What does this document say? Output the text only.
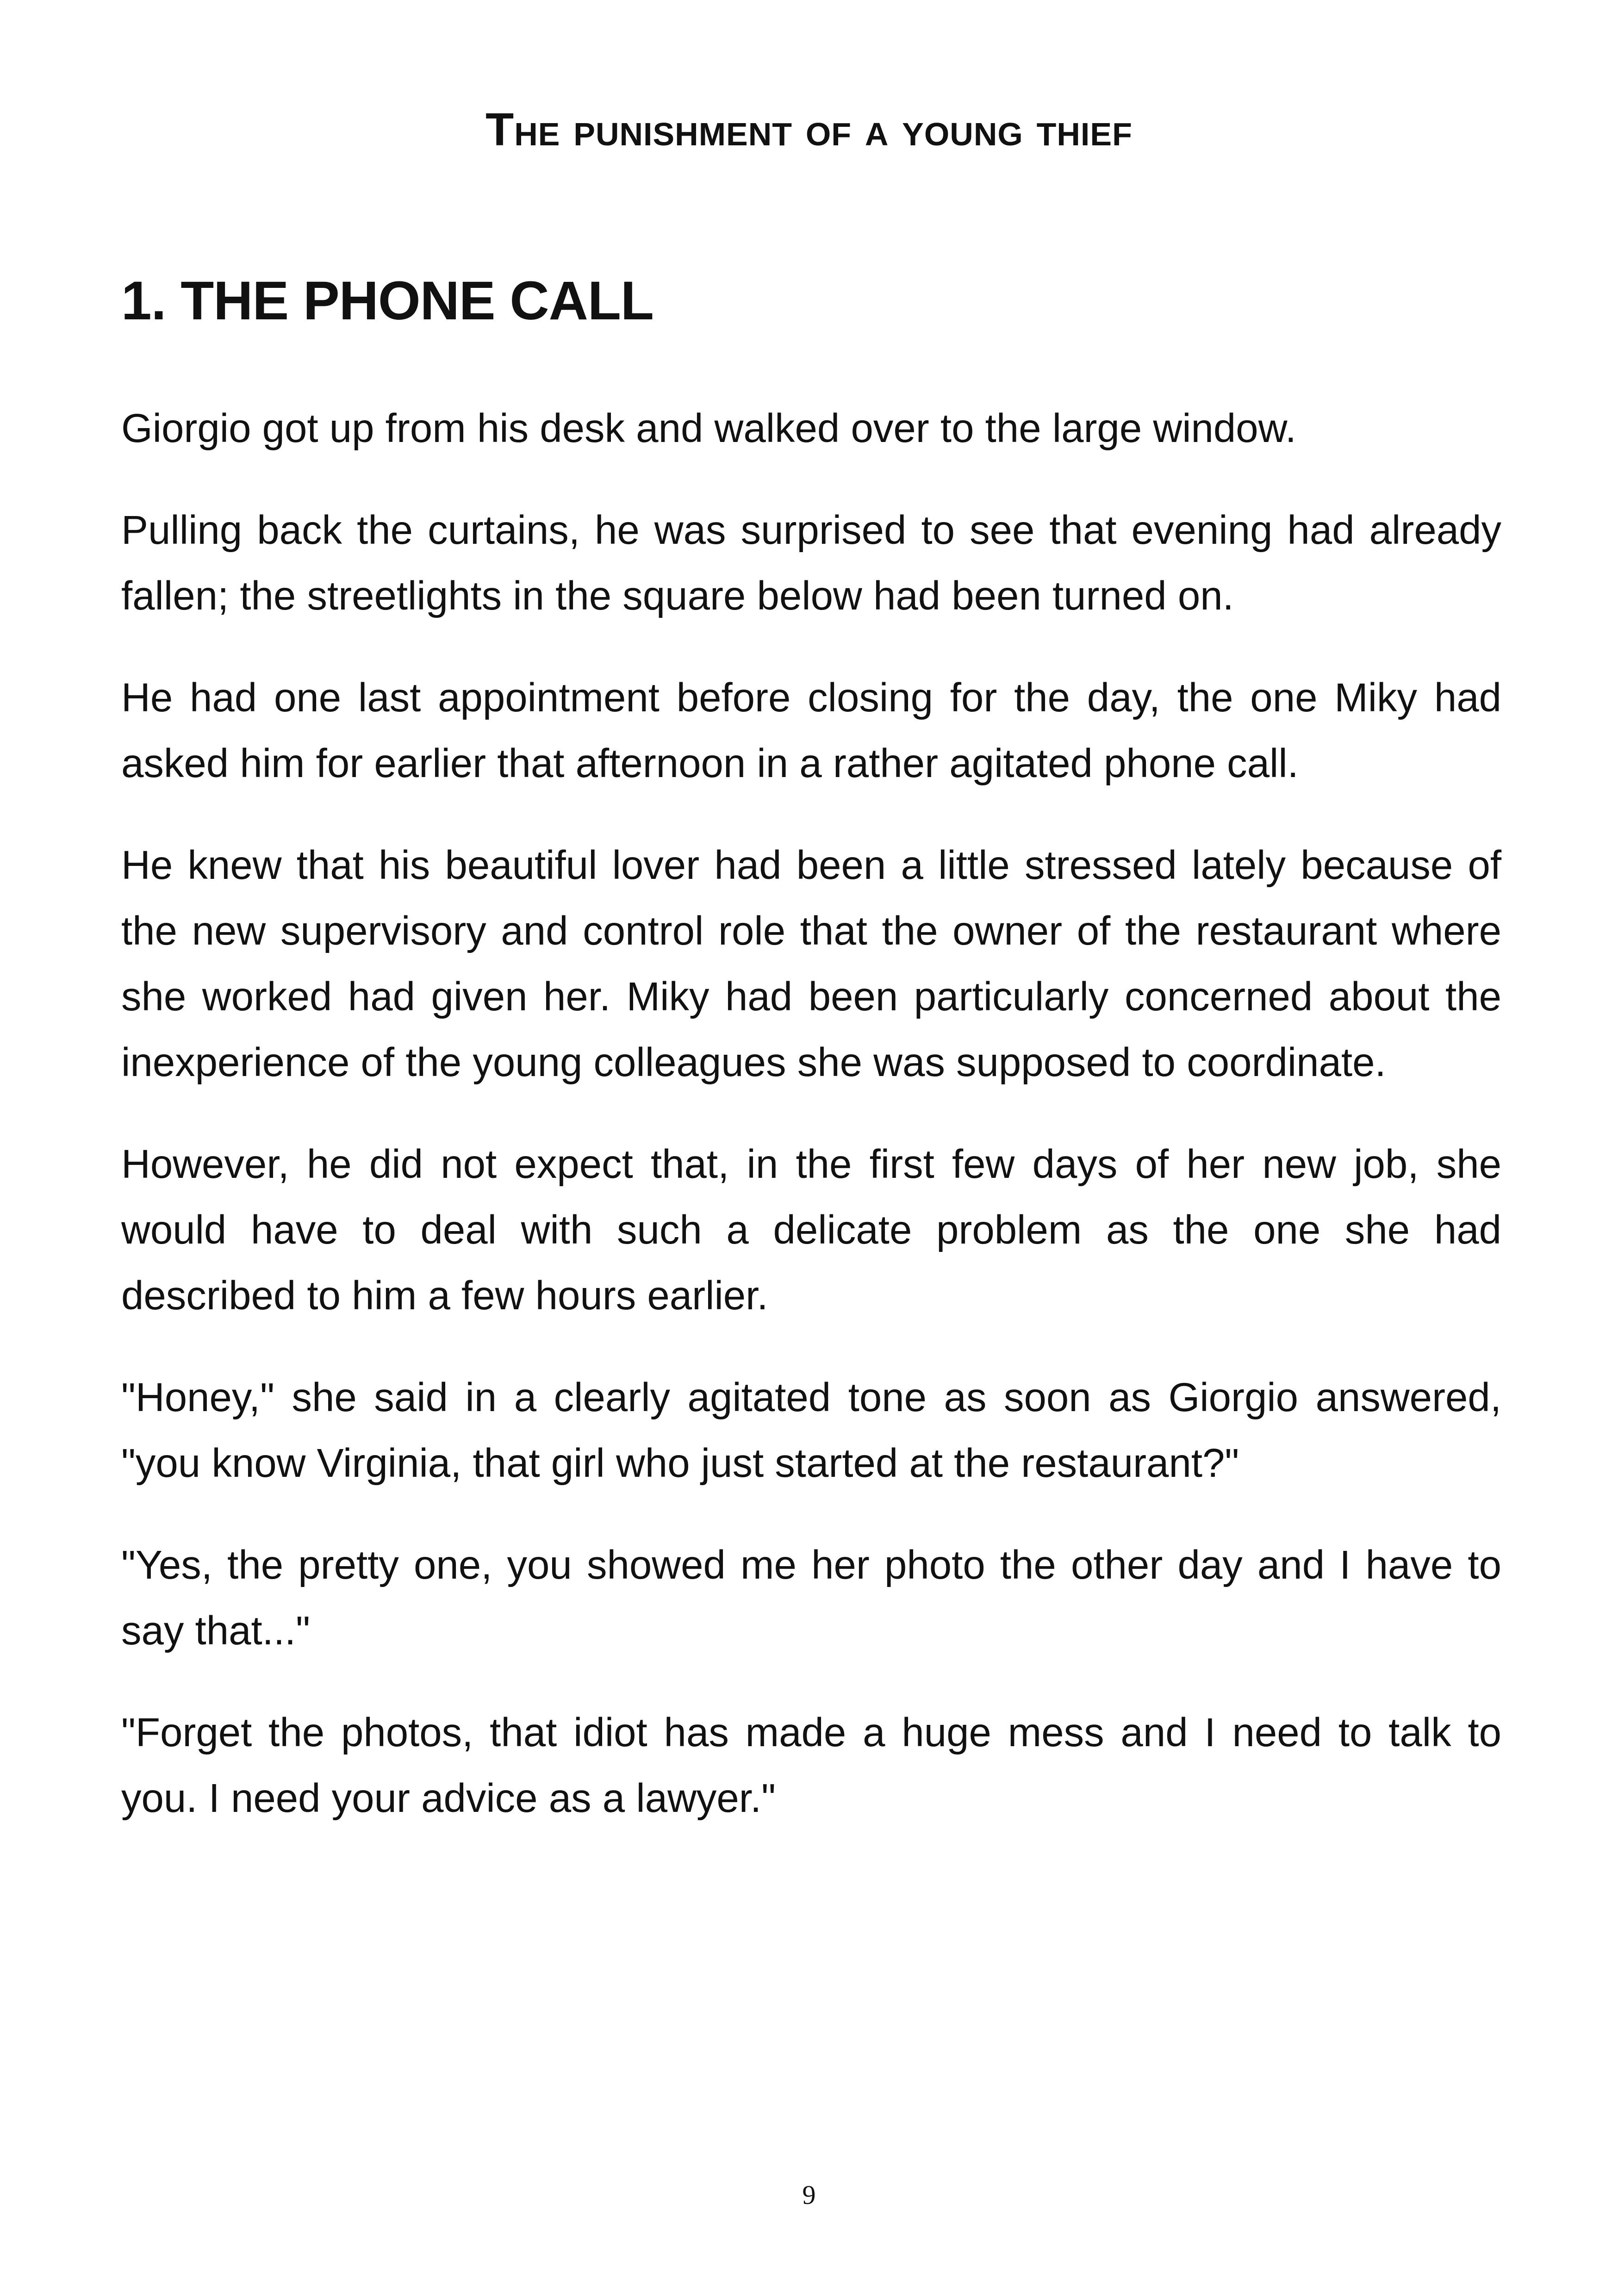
The punishment of a young thief
1. THE PHONE CALL

Giorgio got up from his desk and walked over to the large window.

Pulling back the curtains, he was surprised to see that evening had already fallen; the streetlights in the square below had been turned on.

He had one last appointment before closing for the day, the one Miky had asked him for earlier that afternoon in a rather agitated phone call.

He knew that his beautiful lover had been a little stressed lately because of the new supervisory and control role that the owner of the restaurant where she worked had given her. Miky had been particularly concerned about the inexperience of the young colleagues she was supposed to coordinate.

However, he did not expect that, in the first few days of her new job, she would have to deal with such a delicate problem as the one she had described to him a few hours earlier.

"Honey," she said in a clearly agitated tone as soon as Giorgio answered, "you know Virginia, that girl who just started at the restaurant?"

"Yes, the pretty one, you showed me her photo the other day and I have to say that..."

"Forget the photos, that idiot has made a huge mess and I need to talk to you. I need your advice as a lawyer."

9
